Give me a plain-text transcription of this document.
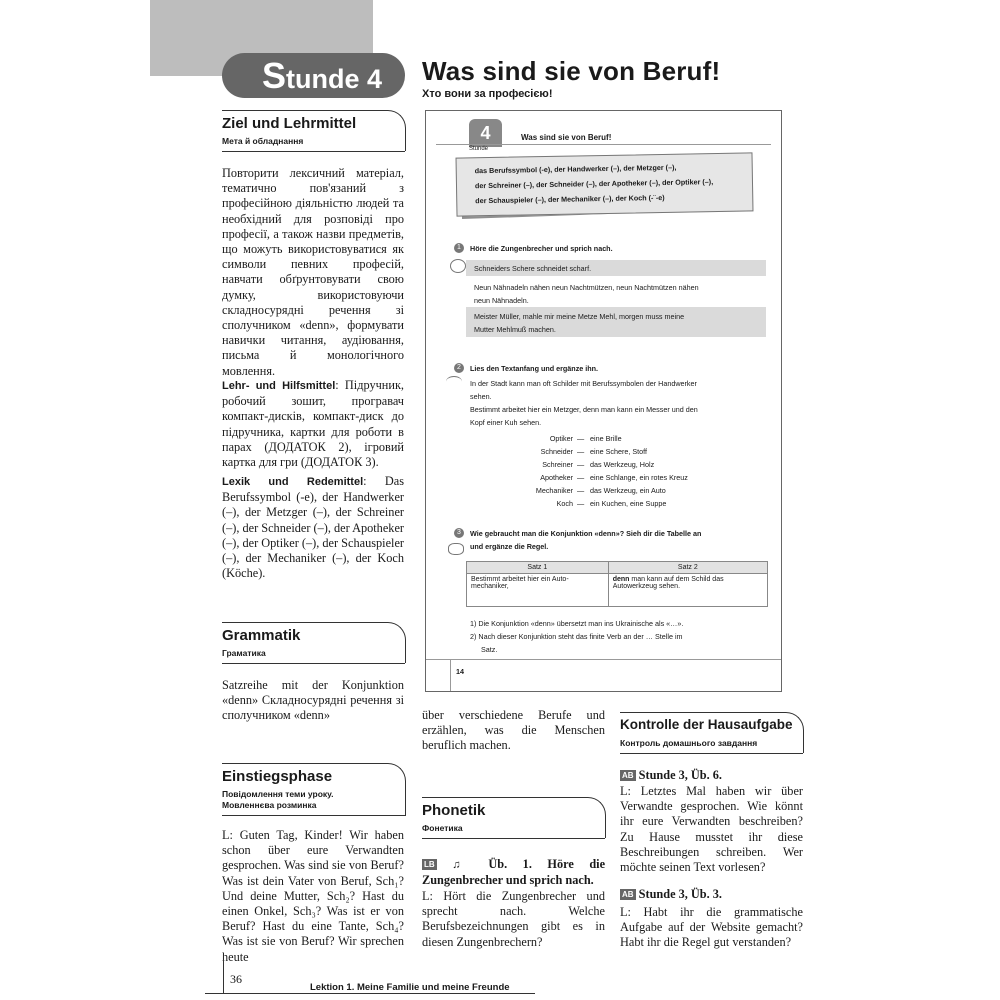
Stunde 4	Was sind sie von Beruf!
Хто вони за професією!
Ziel und Lehrmittel
Мета й обладнання
Повторити лексичний матеріал, тематично пов'язаний з професійною діяльністю людей та необхідний для розповіді про професії, а також назви предметів, що можуть використовуватися як символи певних професій, навчати обґрунтовувати свою думку, використовуючи складносурядні речення зі сполучником «denn», формувати навички читання, аудіювання, письма й монологічного мовлення.
Lehr- und Hilfsmittel: Підручник, робочий зошит, програвач компакт-дисків, компакт-диск до підручника, картки для роботи в парах (ДОДАТОК 2), ігровий картка для гри (ДОДАТОК 3).
Lexik und Redemittel: Das Berufssymbol (-e), der Handwerker (–), der Metzger (–), der Schreiner (–), der Schneider (–), der Apotheker (–), der Optiker (–), der Schauspieler (–), der Mechaniker (–), der Koch (Köche).
Grammatik
Граматика
Satzreihe mit der Konjunktion «denn» Складносурядні речення зі сполучником «denn»
Einstiegsphase
Повідомлення теми уроку.
Мовленнєва розминка
L: Guten Tag, Kinder! Wir haben schon über eure Verwandten gesprochen. Was sind sie von Beruf? Was ist dein Vater von Beruf, Sch₁? Und deine Mutter, Sch₂? Hast du einen Onkel, Sch₃? Was ist er von Beruf? Hast du eine Tante, Sch₄? Was ist sie von Beruf? Wir sprechen heute
4
Stunde
Was sind sie von Beruf!
das Berufssymbol (-e), der Handwerker (–), der Metzger (–),
der Schreiner (–), der Schneider (–), der Apotheker (–), der Optiker (–),
der Schauspieler (–), der Mechaniker (–), der Koch (-¨-e)
1	Höre die Zungenbrecher und sprich nach.
Schneiders Schere schneidet scharf.
Neun Nähnadeln nähen neun Nachtmützen, neun Nachtmützen nähen
neun Nähnadeln.
Meister Müller, mahle mir meine Metze Mehl, morgen muss meine
Mutter Mehlmuß machen.
2	Lies den Textanfang und ergänze ihn.
In der Stadt kann man oft Schilder mit Berufssymbolen der Handwerker
sehen.
Bestimmt arbeitet hier ein Metzger, denn man kann ein Messer und den
Kopf einer Kuh sehen.
Optiker — eine Brille
Schneider — eine Schere, Stoff
Schreiner — das Werkzeug, Holz
Apotheker — eine Schlange, ein rotes Kreuz
Mechaniker — das Werkzeug, ein Auto
Koch — ein Kuchen, eine Suppe
3	Wie gebraucht man die Konjunktion «denn»? Sieh dir die Tabelle an
und ergänze die Regel.
Satz 1	Satz 2
Bestimmt arbeitet hier ein Auto-
mechaniker,	denn man kann auf dem Schild das
Autowerkzeug sehen.
1) Die Konjunktion «denn» übersetzt man ins Ukrainische als «…».
2) Nach dieser Konjunktion steht das finite Verb an der … Stelle im
Satz.
14
über verschiedene Berufe und erzählen, was die Menschen beruflich machen.
Phonetik
Фонетика
LB ♫ Üb. 1. Höre die Zungenbrecher und sprich nach.
L: Hört die Zungenbrecher und sprecht nach. Welche Berufsbezeichnungen gibt es in diesen Zungenbrechern?
Kontrolle der Hausaufgabe
Контроль домашнього завдання
AB Stunde 3, Üb. 6.
L: Letztes Mal haben wir über Verwandte gesprochen. Wie könnt ihr eure Verwandten beschreiben? Zu Hause musstet ihr diese Beschreibungen schreiben. Wer möchte seinen Text vorlesen?
AB Stunde 3, Üb. 3.
L: Habt ihr die grammatische Aufgabe auf der Website gemacht? Habt ihr die Regel gut verstanden?
36
Lektion 1. Meine Familie und meine Freunde
